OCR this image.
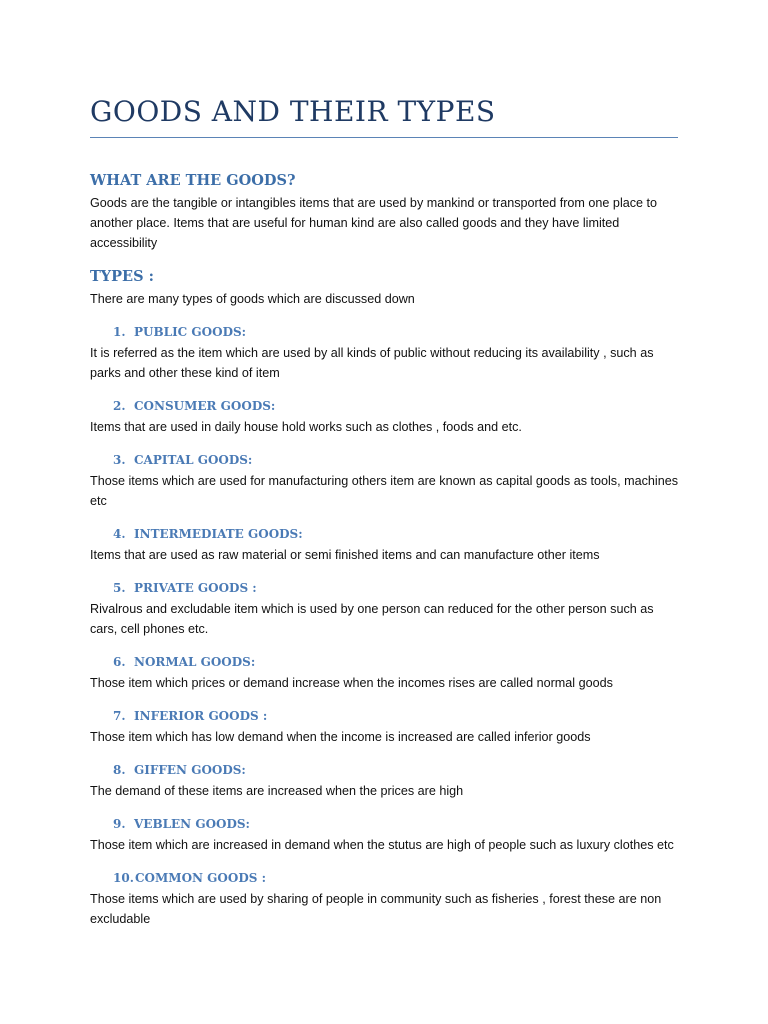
GOODS AND THEIR TYPES
WHAT ARE THE GOODS?

Goods are the tangible or intangibles items that are used by mankind or transported from one place to another place. Items that are useful for human kind are also called goods and they have limited accessibility

TYPES :

There are many types of goods which are discussed down

1. PUBLIC GOODS:

It is referred as the item which are used by all kinds of public without reducing its availability , such as parks and other these kind of item

2. CONSUMER GOODS:

Items that are used in daily house hold works such as clothes , foods and etc.

3. CAPITAL GOODS:

Those items which are used for manufacturing others item are known as capital goods as tools, machines etc

4. INTERMEDIATE GOODS:

Items that are used as raw material or semi finished items and can manufacture other items

5. PRIVATE GOODS :

Rivalrous and excludable item which is used by one person can reduced for the other person such as cars, cell phones etc.

6. NORMAL GOODS:

Those item which prices or demand increase when the incomes rises are called normal goods

7. INFERIOR GOODS :

Those item which has low demand when the income is increased are called inferior goods

8. GIFFEN GOODS:

The demand of these items are increased when the prices are high

9. VEBLEN GOODS:

Those item which are increased in demand when the stutus are high of people such as luxury clothes etc

10.COMMON GOODS :

Those items which are used by sharing of people in community such as fisheries , forest these are non excludable
